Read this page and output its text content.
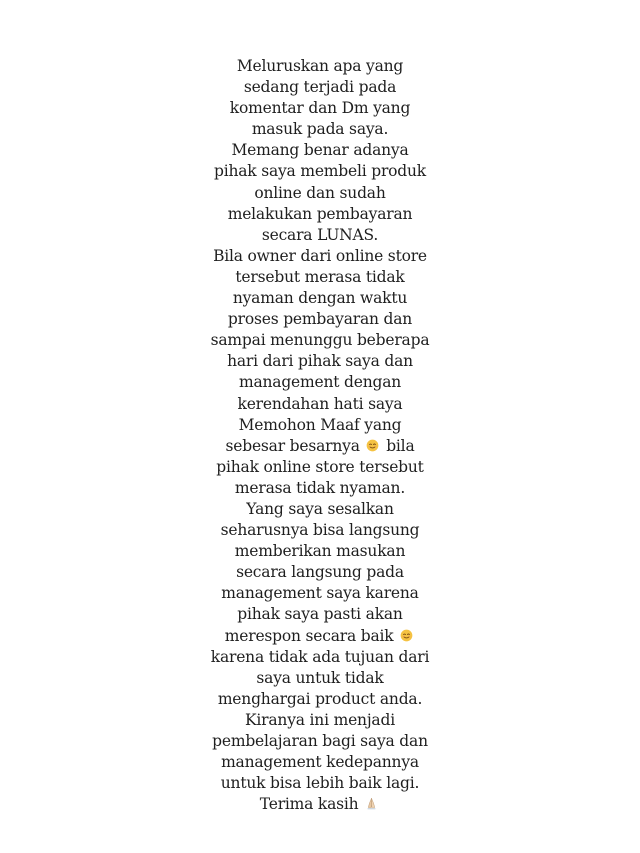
Meluruskan apa yang
sedang terjadi pada
komentar dan Dm yang
masuk pada saya.
Memang benar adanya
pihak saya membeli produk
online dan sudah
melakukan pembayaran
secara LUNAS.
Bila owner dari online store
tersebut merasa tidak
nyaman dengan waktu
proses pembayaran dan
sampai menunggu beberapa
hari dari pihak saya dan
management dengan
kerendahan hati saya
Memohon Maaf yang
sebesar besarnya bila
pihak online store tersebut
merasa tidak nyaman.
Yang saya sesalkan
seharusnya bisa langsung
memberikan masukan
secara langsung pada
management saya karena
pihak saya pasti akan
merespon secara baik
karena tidak ada tujuan dari
saya untuk tidak
menghargai product anda.
Kiranya ini menjadi
pembelajaran bagi saya dan
management kedepannya
untuk bisa lebih baik lagi.
Terima kasih
